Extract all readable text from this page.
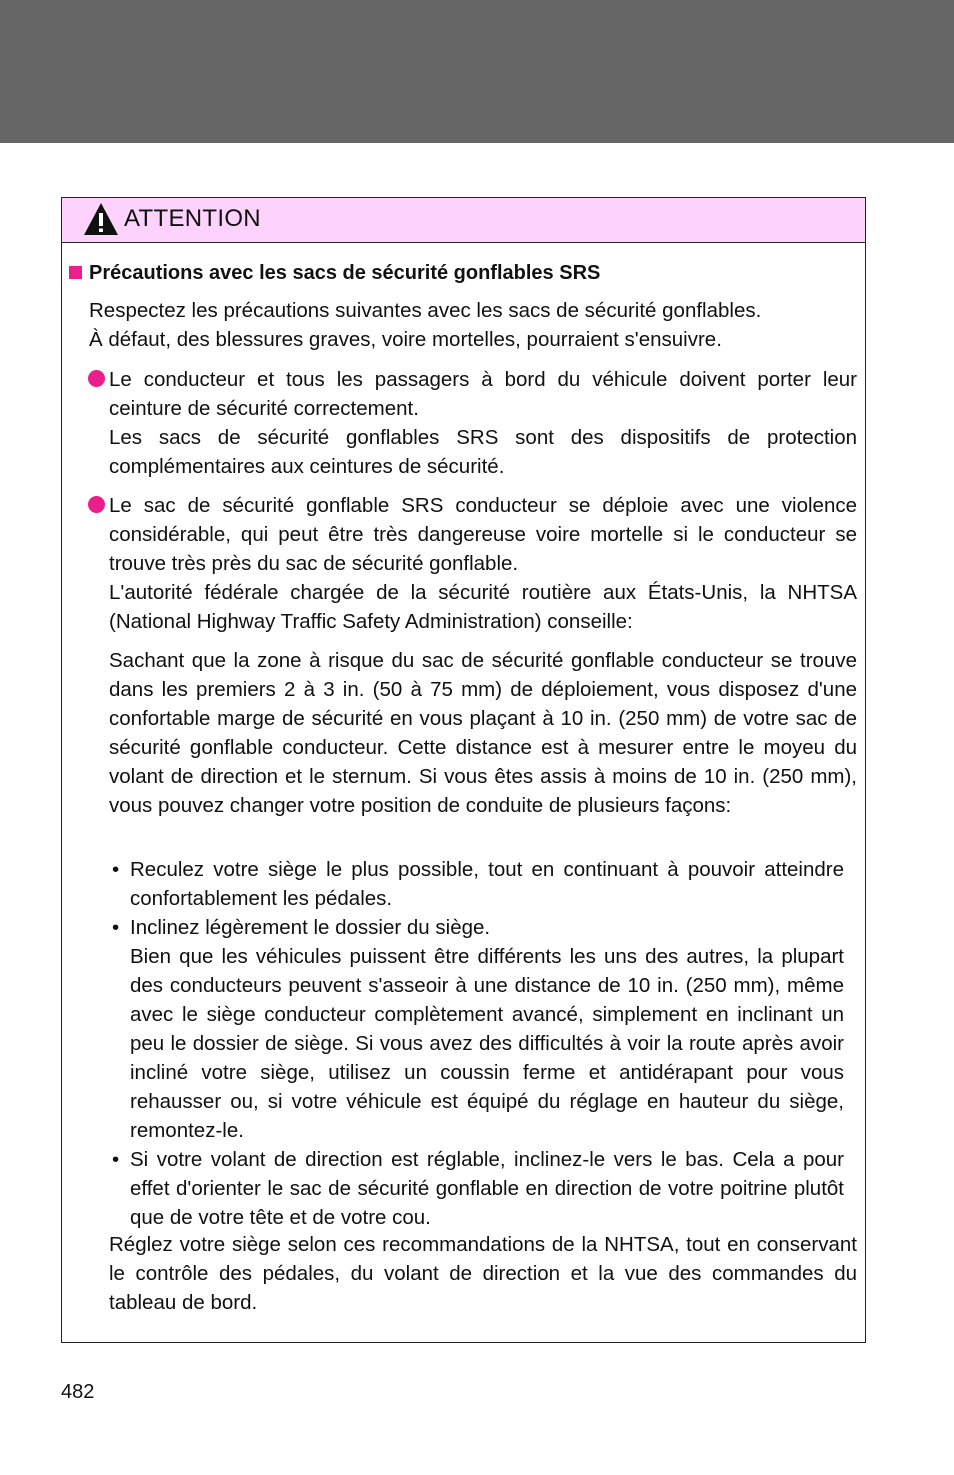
ATTENTION
Précautions avec les sacs de sécurité gonflables SRS
Respectez les précautions suivantes avec les sacs de sécurité gonflables.
À défaut, des blessures graves, voire mortelles, pourraient s'ensuivre.
Le conducteur et tous les passagers à bord du véhicule doivent porter leur ceinture de sécurité correctement.
Les sacs de sécurité gonflables SRS sont des dispositifs de protection complémentaires aux ceintures de sécurité.
Le sac de sécurité gonflable SRS conducteur se déploie avec une violence considérable, qui peut être très dangereuse voire mortelle si le conducteur se trouve très près du sac de sécurité gonflable.
L'autorité fédérale chargée de la sécurité routière aux États-Unis, la NHTSA (National Highway Traffic Safety Administration) conseille:
Sachant que la zone à risque du sac de sécurité gonflable conducteur se trouve dans les premiers 2 à 3 in. (50 à 75 mm) de déploiement, vous disposez d'une confortable marge de sécurité en vous plaçant à 10 in. (250 mm) de votre sac de sécurité gonflable conducteur. Cette distance est à mesurer entre le moyeu du volant de direction et le sternum. Si vous êtes assis à moins de 10 in. (250 mm), vous pouvez changer votre position de conduite de plusieurs façons:
• Reculez votre siège le plus possible, tout en continuant à pouvoir atteindre confortablement les pédales.
• Inclinez légèrement le dossier du siège.
Bien que les véhicules puissent être différents les uns des autres, la plupart des conducteurs peuvent s'asseoir à une distance de 10 in. (250 mm), même avec le siège conducteur complètement avancé, simplement en inclinant un peu le dossier de siège. Si vous avez des difficultés à voir la route après avoir incliné votre siège, utilisez un coussin ferme et antidérapant pour vous rehausser ou, si votre véhicule est équipé du réglage en hauteur du siège, remontez-le.
• Si votre volant de direction est réglable, inclinez-le vers le bas. Cela a pour effet d'orienter le sac de sécurité gonflable en direction de votre poitrine plutôt que de votre tête et de votre cou.
Réglez votre siège selon ces recommandations de la NHTSA, tout en conservant le contrôle des pédales, du volant de direction et la vue des commandes du tableau de bord.
482
